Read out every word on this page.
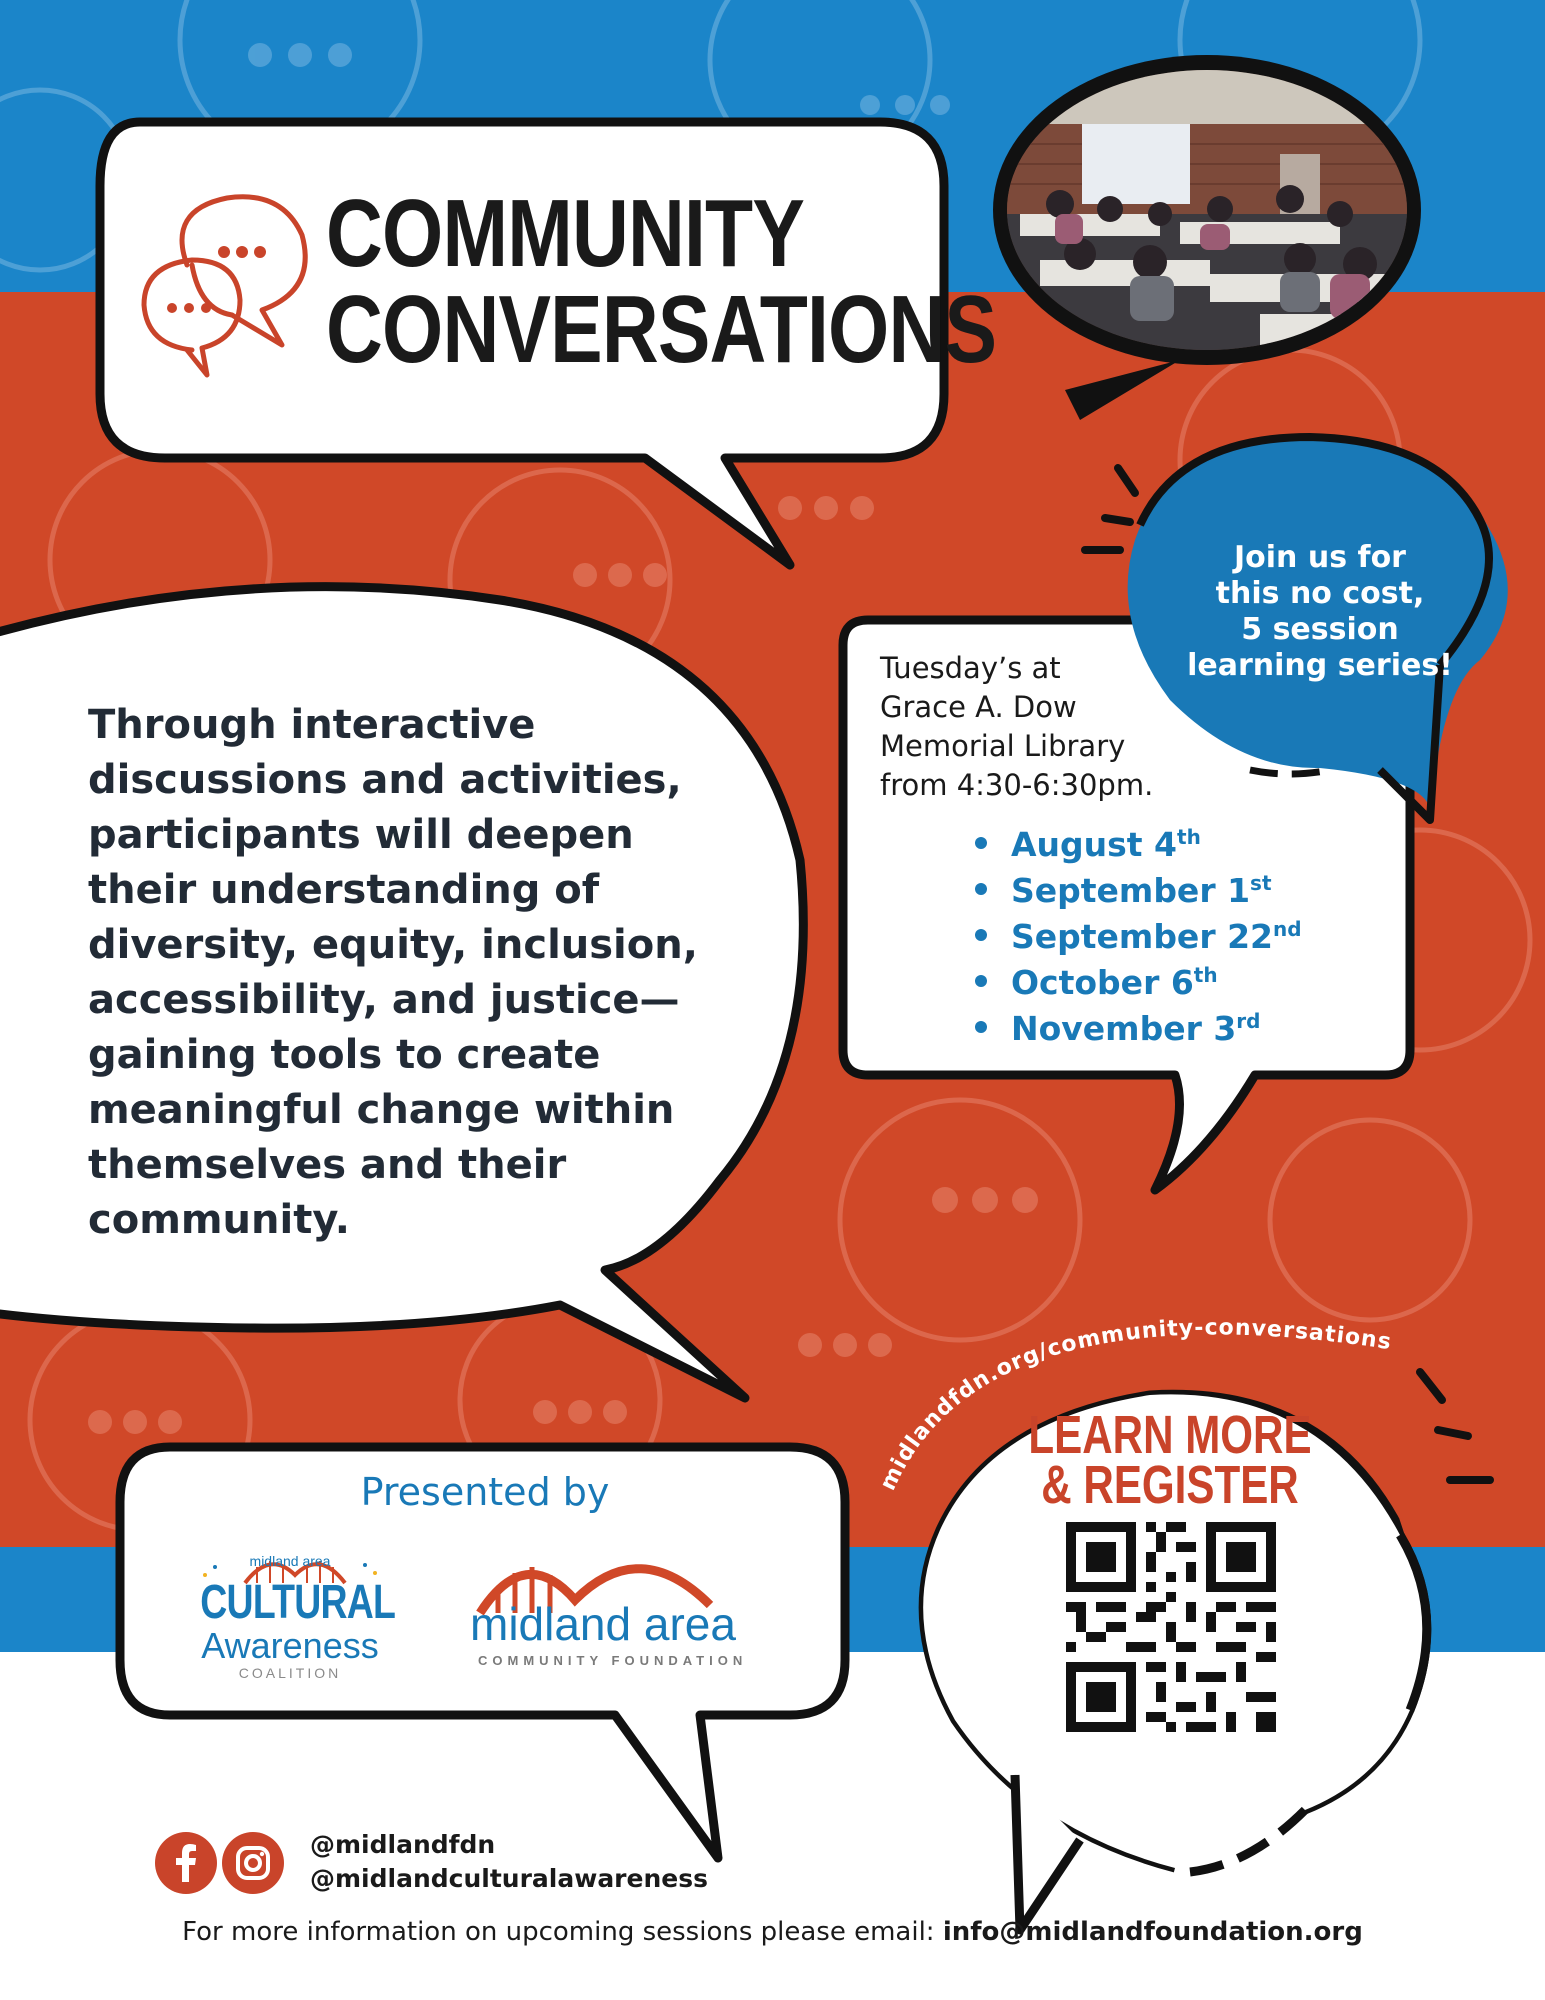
COMMUNITY
CONVERSATIONS
Through interactive discussions and activities, participants will deepen their understanding of diversity, equity, inclusion, accessibility, and justice—gaining tools to create meaningful change within themselves and their community.
Join us for
this no cost,
5 session
learning series!
Tuesday’s at
Grace A. Dow
Memorial Library
from 4:30-6:30pm.
August 4th
September 1st
September 22nd
October 6th
November 3rd
Presented by
midland area
CULTURAL
Awareness
COALITION
midland area
COMMUNITY FOUNDATION
midlandfdn.org/community-conversations
LEARN MORE
& REGISTER
@midlandfdn
@midlandculturalawareness
For more information on upcoming sessions please email: info@midlandfoundation.org
